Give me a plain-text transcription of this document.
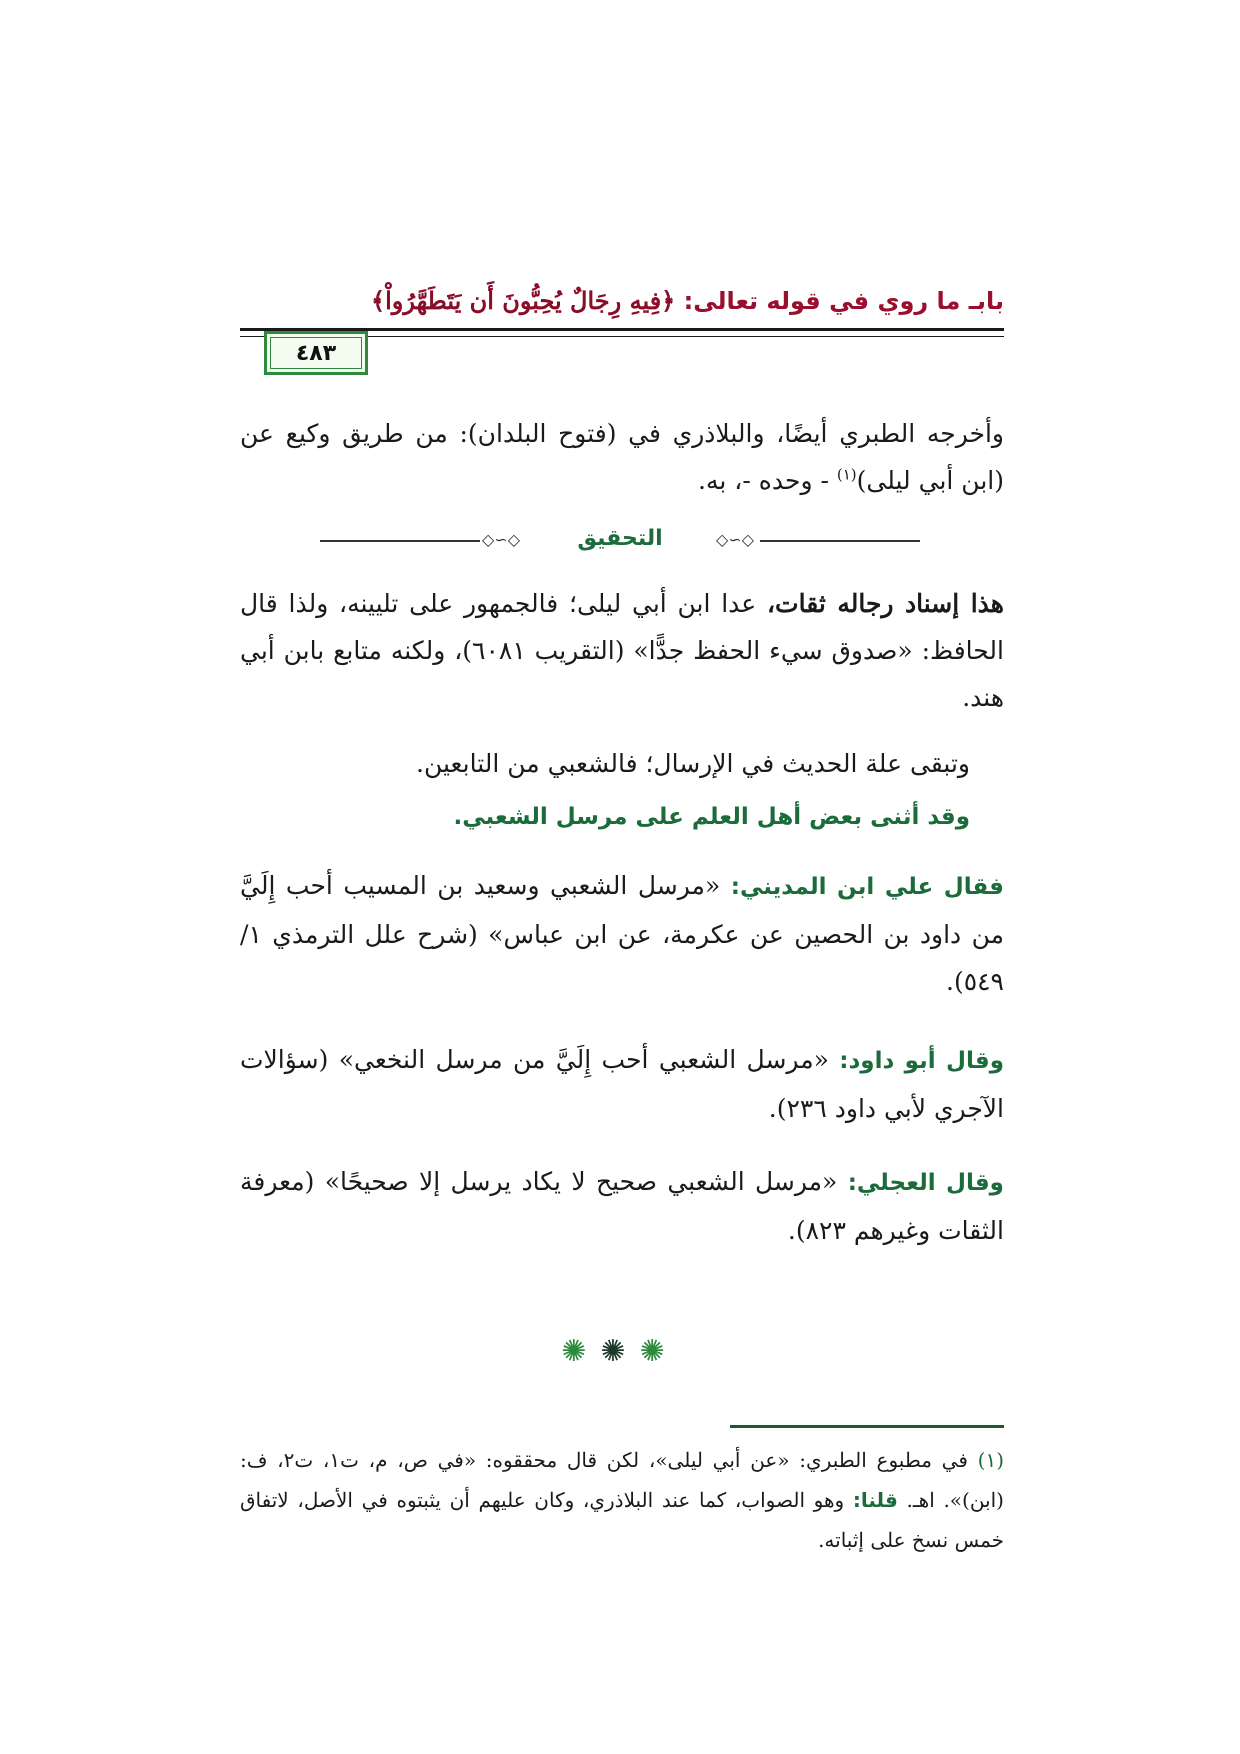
بابـ ما روي في قوله تعالى: ﴿فِيهِ رِجَالٌ يُحِبُّونَ أَن يَتَطَهَّرُواْ﴾
٤٨٣
وأخرجه الطبري أيضًا، والبلاذري في (فتوح البلدان): من طريق وكيع عن (ابن أبي ليلى)$^{(١)}$ - وحده -، به.
◇∽◇	◇∽◇
التحقيق
هذا إسناد رجاله ثقات، عدا ابن أبي ليلى؛ فالجمهور على تليينه، ولذا قال الحافظ: «صدوق سيء الحفظ جدًّا» (التقريب ٦٠٨١)، ولكنه متابع بابن أبي هند.
وتبقى علة الحديث في الإرسال؛ فالشعبي من التابعين.
وقد أثنى بعض أهل العلم على مرسل الشعبي.
فقال علي ابن المديني: «مرسل الشعبي وسعيد بن المسيب أحب إِلَيَّ من داود بن الحصين عن عكرمة، عن ابن عباس» (شرح علل الترمذي ١/ ٥٤٩).
وقال أبو داود: «مرسل الشعبي أحب إِلَيَّ من مرسل النخعي» (سؤالات الآجري لأبي داود ٢٣٦).
وقال العجلي: «مرسل الشعبي صحيح لا يكاد يرسل إلا صحيحًا» (معرفة الثقات وغيرهم ٨٢٣).
✺✺✺
(١) في مطبوع الطبري: «عن أبي ليلى»، لكن قال محققوه: «في ص، م، ت١، ت٢، ف: (ابن)». اهـ. قلنا: وهو الصواب، كما عند البلاذري، وكان عليهم أن يثبتوه في الأصل، لاتفاق خمس نسخ على إثباته.
